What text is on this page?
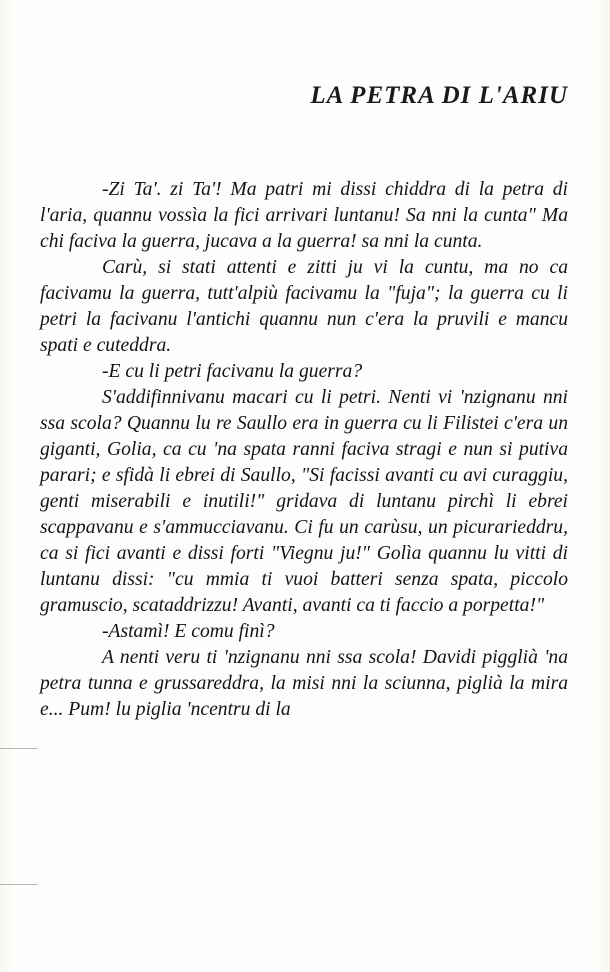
LA PETRA DI L'ARIU

-Zi Ta'. zi Ta'! Ma patri mi dissi chiddra di la petra di l'aria, quannu vossìa la fici arrivari luntanu! Sa nni la cunta" Ma chi faciva la guerra, jucava a la guerra! sa nni la cunta.

Carù, si stati attenti e zitti ju vi la cuntu, ma no ca facivamu la guerra, tutt'alpiù facivamu la "fuja"; la guerra cu li petri la facivanu l'antichi quannu nun c'era la pruvili e mancu spati e cuteddra.

-E cu li petri facivanu la guerra?

S'addifinnivanu macari cu li petri. Nenti vi 'nzignanu nni ssa scola? Quannu lu re Saullo era in guerra cu li Filistei c'era un giganti, Golia, ca cu 'na spata ranni faciva stragi e nun si putiva parari; e sfidà li ebrei di Saullo, "Si facissi avanti cu avi curaggiu, genti miserabili e inutili!" gridava di luntanu pirchì li ebrei scappavanu e s'ammucciavanu. Ci fu un carùsu, un picurarieddru, ca si fici avanti e dissi forti "Viegnu ju!" Golìa quannu lu vitti di luntanu dissi: "cu mmia ti vuoi batteri senza spata, piccolo gramuscio, scataddrizzu! Avanti, avanti ca ti faccio a porpetta!"

-Astamì! E comu finì?

A nenti veru ti 'nzignanu nni ssa scola! Davidi pigglià 'na petra tunna e grussareddra, la misi nni la sciunna, piglià la mira e... Pum! lu piglia 'ncentru di la
